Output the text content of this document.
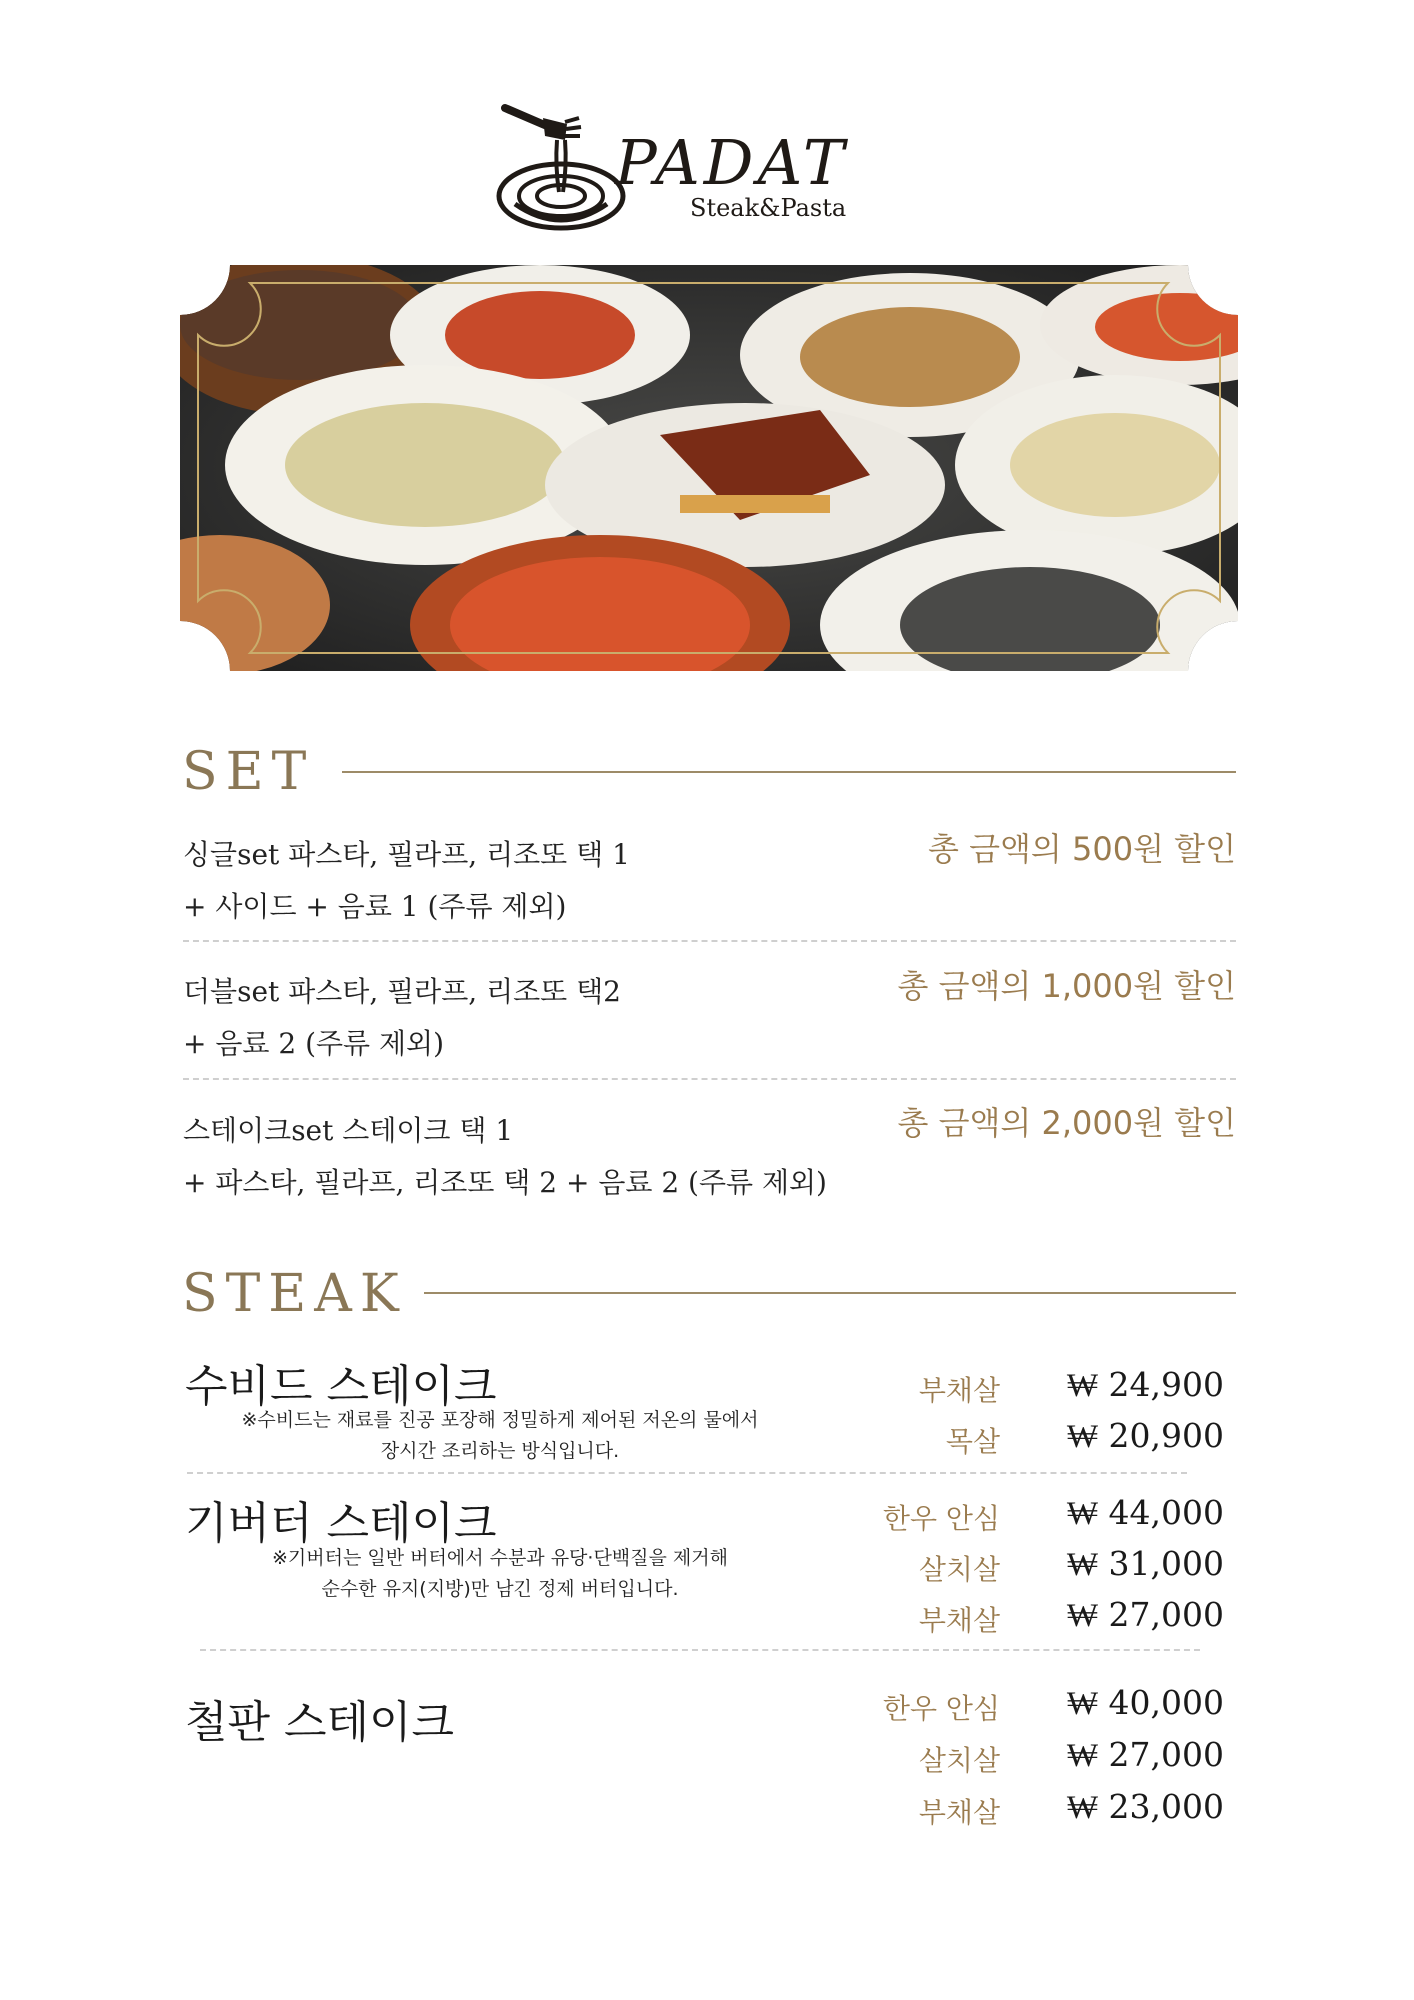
PADAT
Steak&Pasta
SET
싱글set 파스타, 필라프, 리조또 택 1
+ 사이드 + 음료 1 (주류 제외)
총 금액의 500원 할인
더블set 파스타, 필라프, 리조또 택2
+ 음료 2 (주류 제외)
총 금액의 1,000원 할인
스테이크set 스테이크 택 1
+ 파스타, 필라프, 리조또 택 2 + 음료 2 (주류 제외)
총 금액의 2,000원 할인
STEAK
수비드 스테이크
※수비드는 재료를 진공 포장해 정밀하게 제어된 저온의 물에서
장시간 조리하는 방식입니다.
부채살	₩ 24,900
목살	₩ 20,900
기버터 스테이크
※기버터는 일반 버터에서 수분과 유당·단백질을 제거해
순수한 유지(지방)만 남긴 정제 버터입니다.
한우 안심	₩ 44,000
살치살	₩ 31,000
부채살	₩ 27,000
철판 스테이크	한우 안심	₩ 40,000
살치살	₩ 27,000
부채살	₩ 23,000
